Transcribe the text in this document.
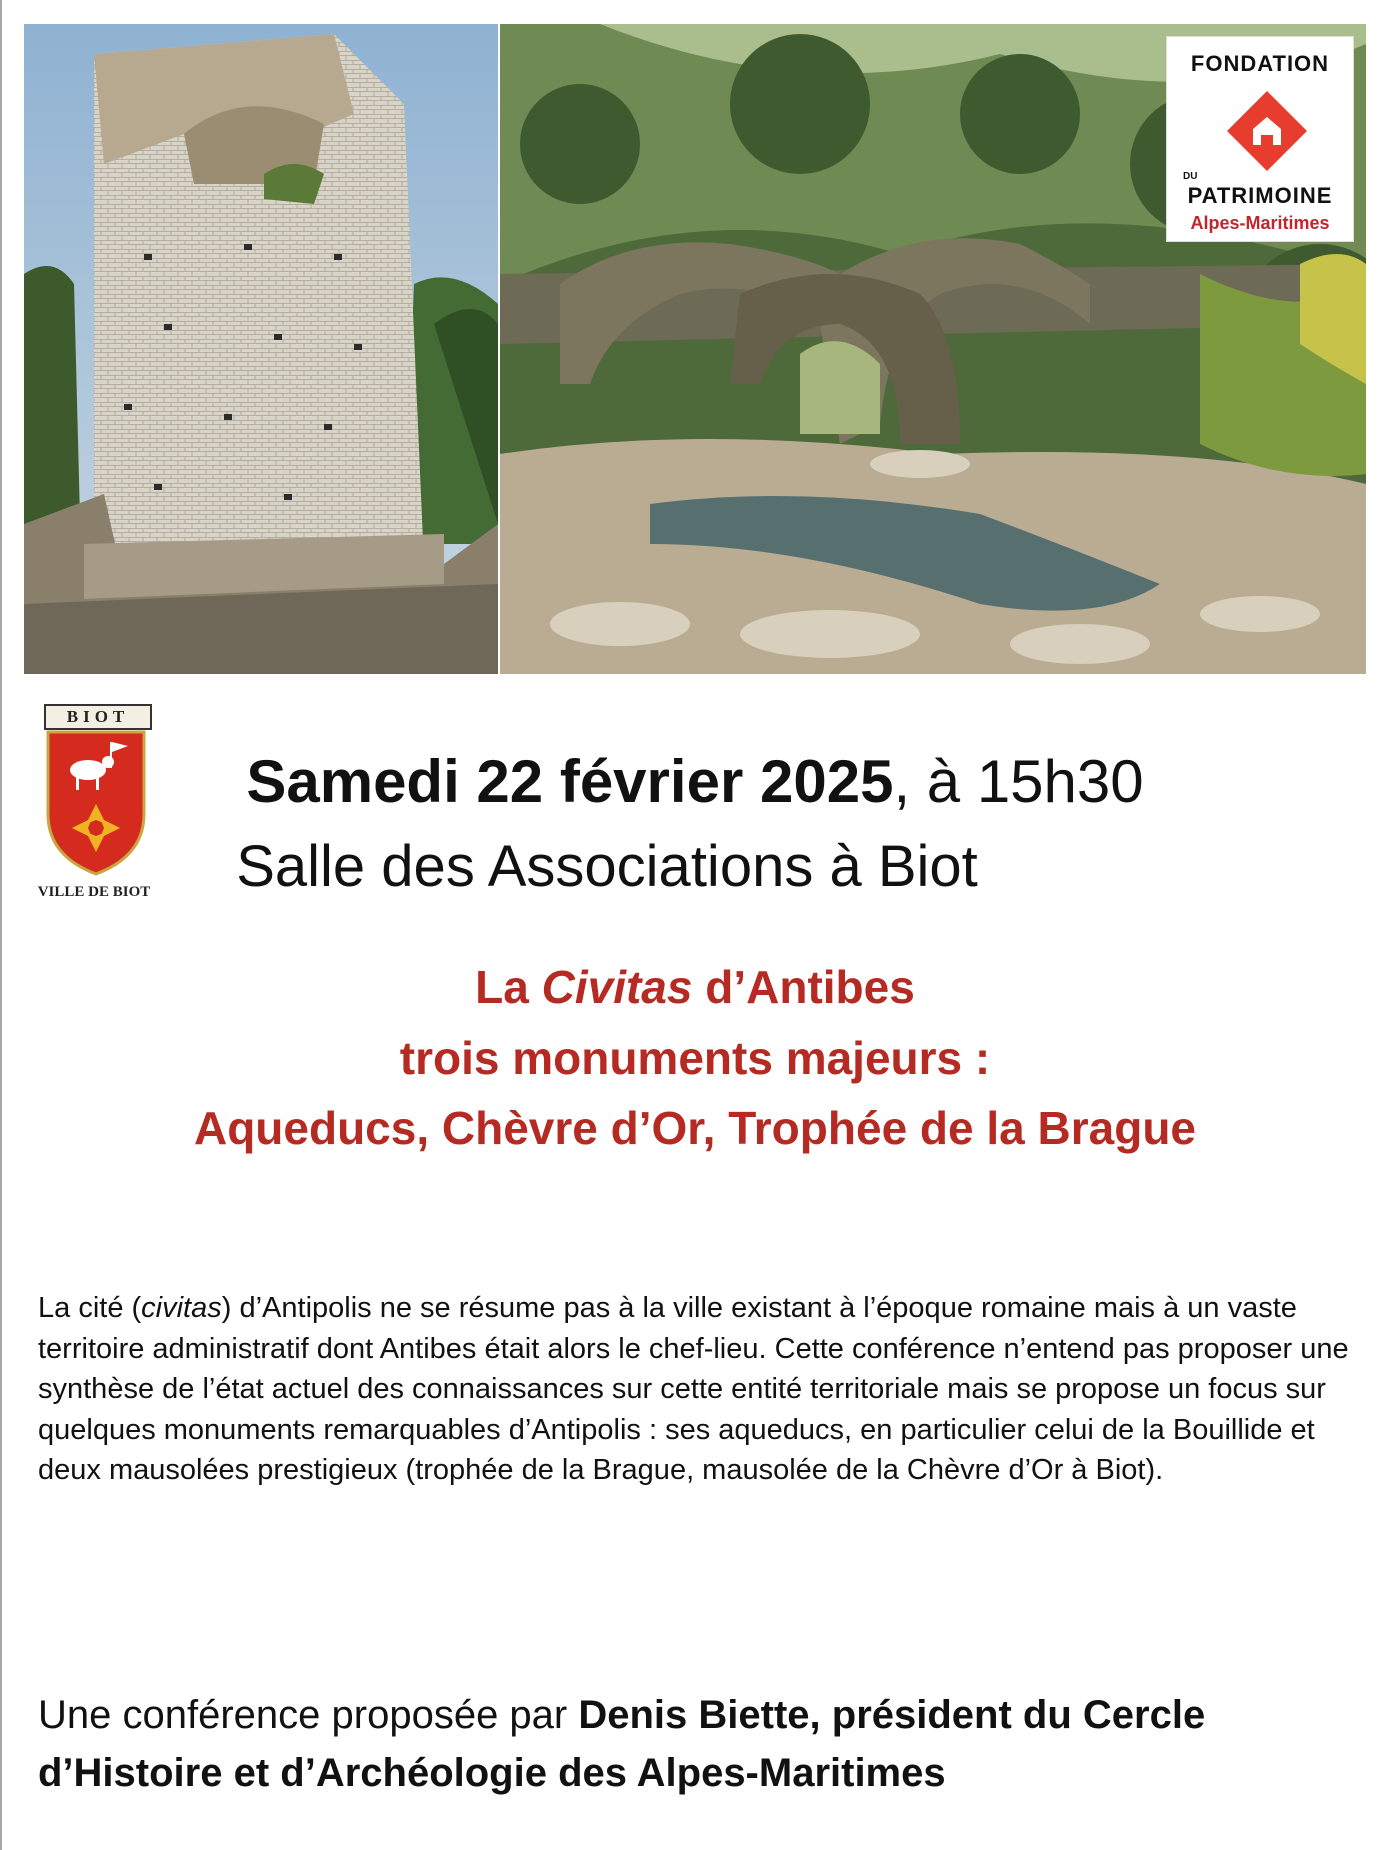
FONDATION
DU
PATRIMOINE
Alpes-Maritimes
BIOT
VILLE DE BIOT
Samedi 22 février 2025, à 15h30
Salle des Associations à Biot
La Civitas d’Antibes
trois monuments majeurs :
Aqueducs, Chèvre d’Or, Trophée de la Brague

La cité (civitas) d’Antipolis ne se résume pas à la ville existant à l’époque romaine mais à un vaste territoire administratif dont Antibes était alors le chef-lieu. Cette conférence n’entend pas proposer une synthèse de l’état actuel des connaissances sur cette entité territoriale mais se propose un focus sur quelques monuments remarquables d’Antipolis : ses aqueducs, en particulier celui de la Bouillide et deux mausolées prestigieux (trophée de la Brague, mausolée de la Chèvre d’Or à Biot).

Une conférence proposée par Denis Biette, président du Cercle d’Histoire et d’Archéologie des Alpes-Maritimes
